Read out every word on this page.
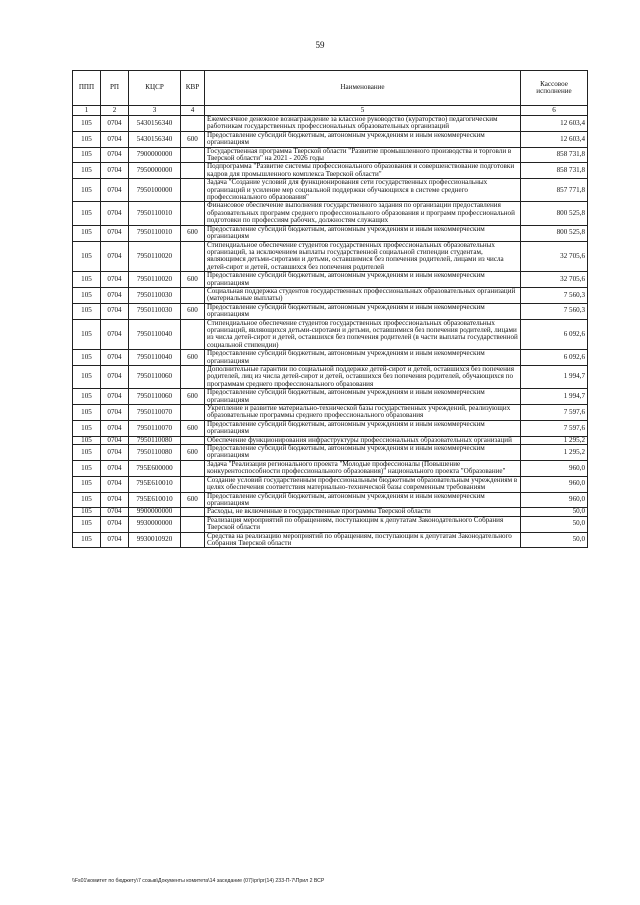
59
ППП	РП	КЦСР	КВР	Наименование	Кассовое исполнение
1	2	3	4	5	6
105	0704	5430156340		Ежемесячное денежное вознаграждение за классное руководство (кураторство) педагогическим работникам государственных профессиональных образовательных организаций	12 603,4
105	0704	5430156340	600	Предоставление субсидий бюджетным, автономным учреждениям и иным некоммерческим организациям	12 603,4
105	0704	7900000000		Государственная программа Тверской области "Развитие промышленного производства и торговли в Тверской области" на 2021 - 2026 годы	858 731,8
105	0704	7950000000		Подпрограмма "Развитие системы профессионального образования и совершенствование подготовки кадров для промышленного комплекса Тверской области"	858 731,8
105	0704	7950100000		Задача "Создание условий для функционирования сети государственных профессиональных организаций и усиление мер социальной поддержки обучающихся в системе среднего профессионального образования"	857 771,8
105	0704	7950110010		Финансовое обеспечение выполнения государственного задания по организации предоставления образовательных программ среднего профессионального образования и программ профессиональной подготовки по профессиям рабочих, должностям служащих	800 525,8
105	0704	7950110010	600	Предоставление субсидий бюджетным, автономным учреждениям и иным некоммерческим организациям	800 525,8
105	0704	7950110020		Стипендиальное обеспечение студентов государственных профессиональных образовательных организаций, за исключением выплаты государственной социальной стипендии студентам, являющимся детьми-сиротами и детьми, оставшимися без попечения родителей, лицами из числа детей-сирот и детей, оставшихся без попечения родителей	32 705,6
105	0704	7950110020	600	Предоставление субсидий бюджетным, автономным учреждениям и иным некоммерческим организациям	32 705,6
105	0704	7950110030		Социальная поддержка студентов государственных профессиональных образовательных организаций (материальные выплаты)	7 560,3
105	0704	7950110030	600	Предоставление субсидий бюджетным, автономным учреждениям и иным некоммерческим организациям	7 560,3
105	0704	7950110040		Стипендиальное обеспечение студентов государственных профессиональных образовательных организаций, являющихся детьми-сиротами и детьми, оставшимися без попечения родителей, лицами из числа детей-сирот и детей, оставшихся без попечения родителей (в части выплаты государственной социальной стипендии)	6 092,6
105	0704	7950110040	600	Предоставление субсидий бюджетным, автономным учреждениям и иным некоммерческим организациям	6 092,6
105	0704	7950110060		Дополнительные гарантии по социальной поддержке детей-сирот и детей, оставшихся без попечения родителей, лиц из числа детей-сирот и детей, оставшихся без попечения родителей, обучающихся по программам среднего профессионального образования	1 994,7
105	0704	7950110060	600	Предоставление субсидий бюджетным, автономным учреждениям и иным некоммерческим организациям	1 994,7
105	0704	7950110070		Укрепление и развитие материально-технической базы государственных учреждений, реализующих образовательные программы среднего профессионального образования	7 597,6
105	0704	7950110070	600	Предоставление субсидий бюджетным, автономным учреждениям и иным некоммерческим организациям	7 597,6
105	0704	7950110080		Обеспечение функционирования инфраструктуры профессиональных образовательных организаций	1 295,2
105	0704	7950110080	600	Предоставление субсидий бюджетным, автономным учреждениям и иным некоммерческим организациям	1 295,2
105	0704	795E600000		Задача "Реализация регионального проекта "Молодые профессионалы (Повышение конкурентоспособности профессионального образования)" национального проекта "Образование"	960,0
105	0704	795E610010		Создание условий государственным профессиональным бюджетным образовательным учреждениям в целях обеспечения соответствия материально-технической базы современным требованиям	960,0
105	0704	795E610010	600	Предоставление субсидий бюджетным, автономным учреждениям и иным некоммерческим организациям	960,0
105	0704	9900000000		Расходы, не включенные в государственные программы Тверской области	50,0
105	0704	9930000000		Реализация мероприятий по обращениям, поступающим к депутатам Законодательного Собрания Тверской области	50,0
105	0704	9930010920		Средства на реализацию мероприятий по обращениям, поступающим к депутатам Законодательного Собрания Тверской области	50,0
\\Fs01\комитет по бюджету\7 созыв\Документы комитета\14 заседание (07)\pr\pr(14) 233-П-7\Прил 2 ВСР
